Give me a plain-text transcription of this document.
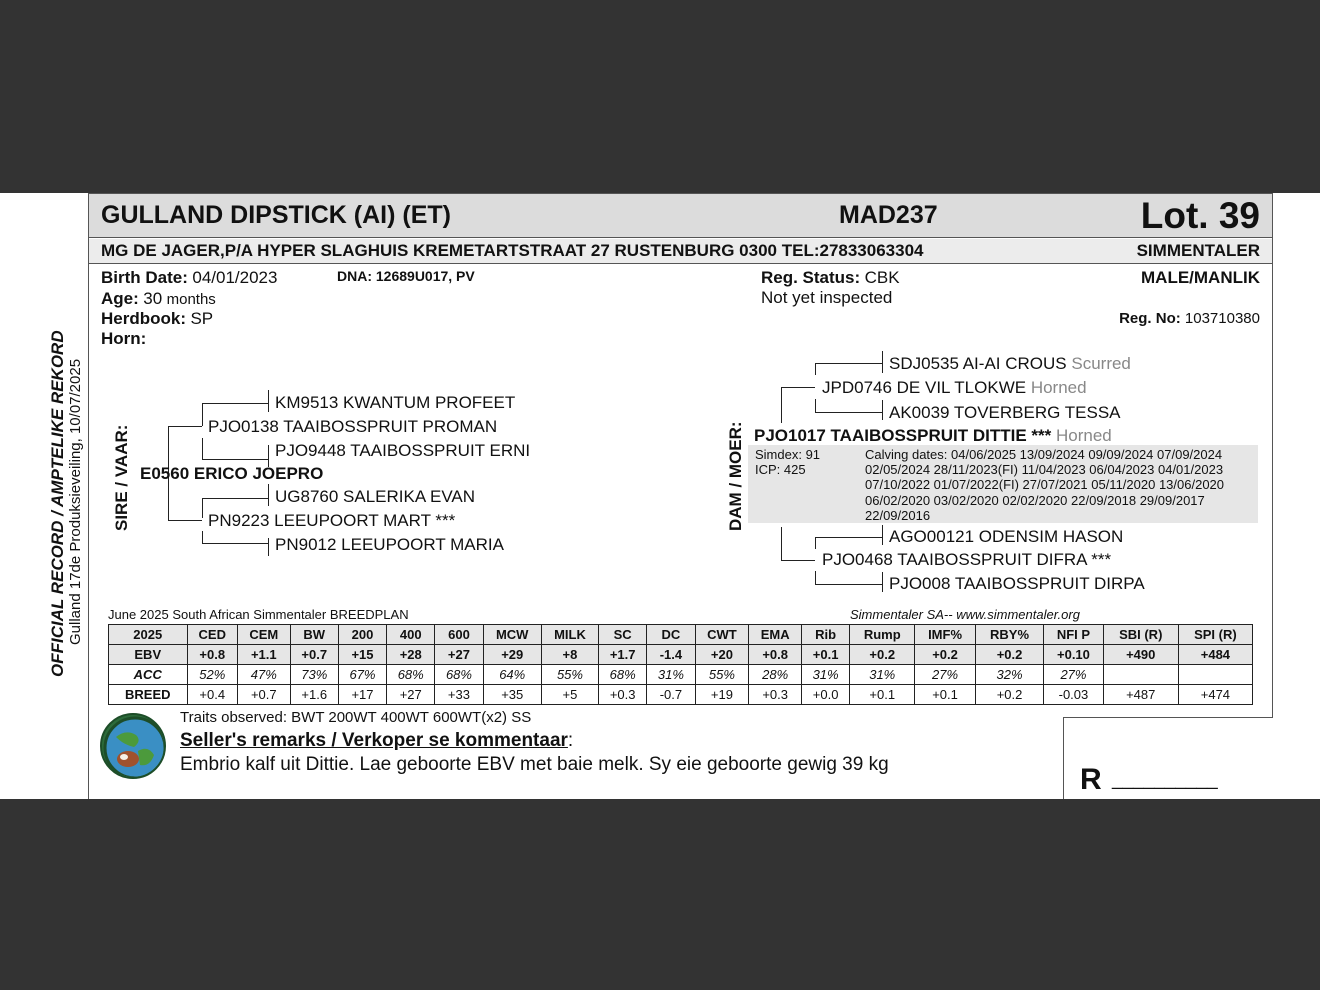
GULLAND DIPSTICK (AI) (ET)	MAD237	Lot. 39
MG DE JAGER,P/A HYPER SLAGHUIS KREMETARTSTRAAT 27 RUSTENBURG 0300 TEL:27833063304	SIMMENTALER
Birth Date: 04/01/2023	DNA: 12689U017, PV
Age: 30 months
Herdbook: SP
Horn:
Reg. Status: CBK
Not yet inspected
MALE/MANLIK
Reg. No: 103710380
OFFICIAL RECORD / AMPTELIKE REKORD Gulland 17de Produksieveiling, 10/07/2025 SIRE / VAAR:	DAM / MOER:
KM9513 KWANTUM PROFEET
PJO0138 TAAIBOSSPRUIT PROMAN
PJO9448 TAAIBOSSPRUIT ERNI
E0560 ERICO JOEPRO
UG8760 SALERIKA EVAN
PN9223 LEEUPOORT MART ***
PN9012 LEEUPOORT MARIA
SDJ0535 AI-AI CROUS Scurred
JPD0746 DE VIL TLOKWE Horned
AK0039 TOVERBERG TESSA
PJO1017 TAAIBOSSPRUIT DITTIE *** Horned
Simdex: 91
ICP: 425
Calving dates: 04/06/2025 13/09/2024 09/09/2024 07/09/2024
02/05/2024 28/11/2023(FI) 11/04/2023 06/04/2023 04/01/2023
07/10/2022 01/07/2022(FI) 27/07/2021 05/11/2020 13/06/2020
06/02/2020 03/02/2020 02/02/2020 22/09/2018 29/09/2017
22/09/2016
AGO00121 ODENSIM HASON
PJO0468 TAAIBOSSPRUIT DIFRA ***
PJO008 TAAIBOSSPRUIT DIRPA
June 2025 South African Simmentaler BREEDPLAN	Simmentaler SA-- www.simmentaler.org
2025	CED	CEM	BW	200	400	600	MCW	MILK	SC	DC	CWT	EMA	Rib	Rump	IMF%	RBY%	NFI P	SBI (R)	SPI (R)
EBV	+0.8	+1.1	+0.7	+15	+28	+27	+29	+8	+1.7	-1.4	+20	+0.8	+0.1	+0.2	+0.2	+0.2	+0.10	+490	+484
ACC	52%	47%	73%	67%	68%	68%	64%	55%	68%	31%	55%	28%	31%	31%	27%	32%	27%		
BREED	+0.4	+0.7	+1.6	+17	+27	+33	+35	+5	+0.3	-0.7	+19	+0.3	+0.0	+0.1	+0.1	+0.2	-0.03	+487	+474
Traits observed: BWT 200WT 400WT 600WT(x2) SS
Seller's remarks / Verkoper se kommentaar:
Embrio kalf uit Dittie. Lae geboorte EBV met baie melk. Sy eie geboorte gewig 39 kg	R __________
